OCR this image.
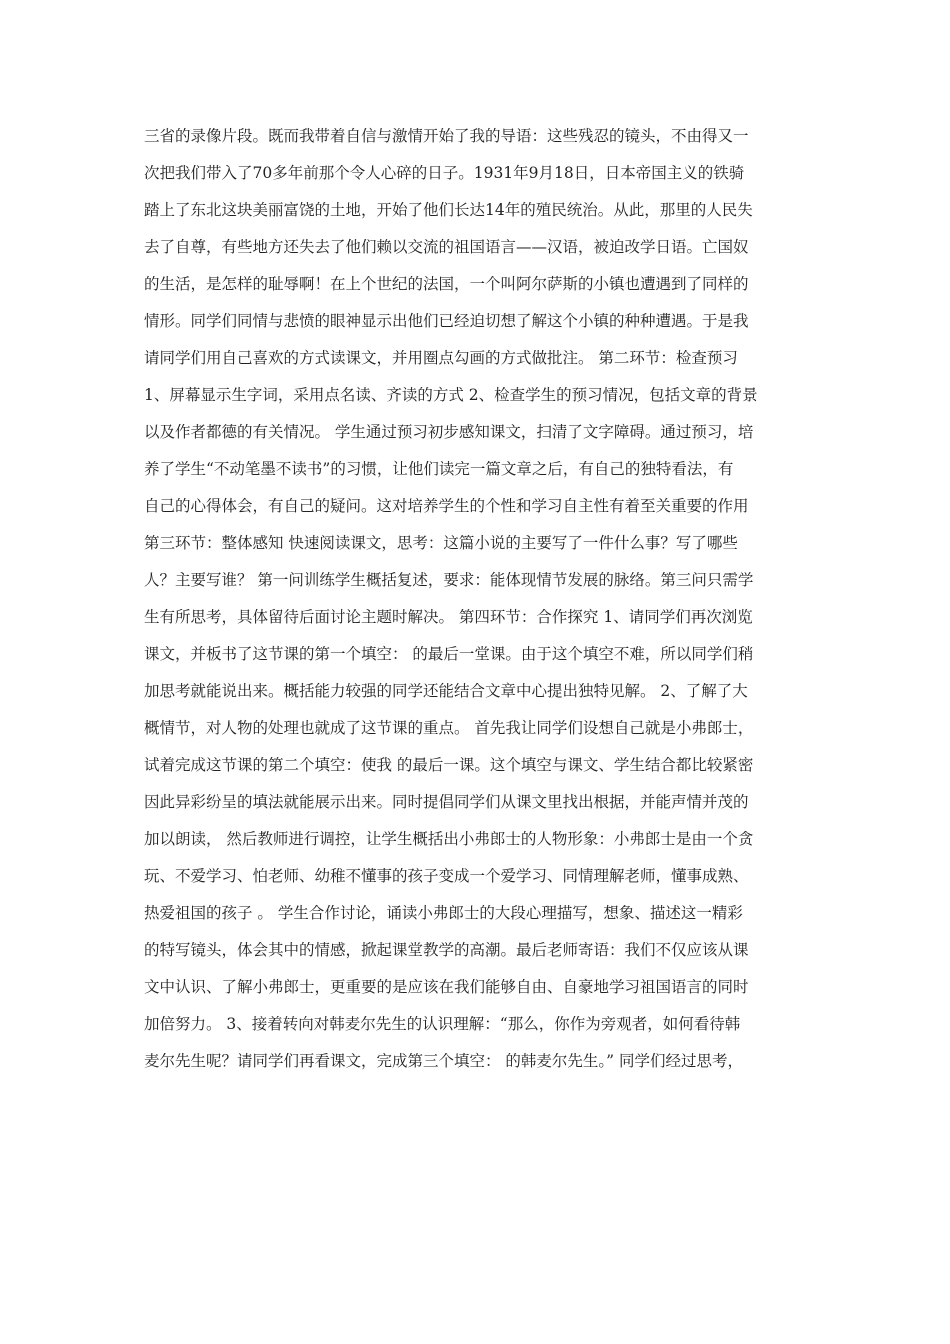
三省的录像片段。既而我带着自信与激情开始了我的导语：这些残忍的镜头，不由得又一
次把我们带入了70多年前那个令人心碎的日子。1931年9月18日，日本帝国主义的铁骑
踏上了东北这块美丽富饶的土地，开始了他们长达14年的殖民统治。从此，那里的人民失
去了自尊，有些地方还失去了他们赖以交流的祖国语言——汉语，被迫改学日语。亡国奴
的生活，是怎样的耻辱啊！在上个世纪的法国，一个叫阿尔萨斯的小镇也遭遇到了同样的
情形。同学们同情与悲愤的眼神显示出他们已经迫切想了解这个小镇的种种遭遇。于是我
请同学们用自己喜欢的方式读课文，并用圈点勾画的方式做批注。 第二环节：检查预习
1、屏幕显示生字词，采用点名读、齐读的方式 2、检查学生的预习情况，包括文章的背景
以及作者都德的有关情况。 学生通过预习初步感知课文，扫清了文字障碍。通过预习，培
养了学生“不动笔墨不读书”的习惯，让他们读完一篇文章之后，有自己的独特看法，有
自己的心得体会，有自己的疑问。这对培养学生的个性和学习自主性有着至关重要的作用
第三环节：整体感知 快速阅读课文，思考：这篇小说的主要写了一件什么事？写了哪些
人？主要写谁？ 第一问训练学生概括复述，要求：能体现情节发展的脉络。第三问只需学
生有所思考，具体留待后面讨论主题时解决。 第四环节：合作探究 1、请同学们再次浏览
课文，并板书了这节课的第一个填空： 的最后一堂课。由于这个填空不难，所以同学们稍
加思考就能说出来。概括能力较强的同学还能结合文章中心提出独特见解。 2、了解了大
概情节，对人物的处理也就成了这节课的重点。 首先我让同学们设想自己就是小弗郎士，
试着完成这节课的第二个填空：使我 的最后一课。这个填空与课文、学生结合都比较紧密
因此异彩纷呈的填法就能展示出来。同时提倡同学们从课文里找出根据，并能声情并茂的
加以朗读， 然后教师进行调控，让学生概括出小弗郎士的人物形象：小弗郎士是由一个贪
玩、不爱学习、怕老师、幼稚不懂事的孩子变成一个爱学习、同情理解老师，懂事成熟、
热爱祖国的孩子 。 学生合作讨论，诵读小弗郎士的大段心理描写，想象、描述这一精彩
的特写镜头，体会其中的情感，掀起课堂教学的高潮。最后老师寄语：我们不仅应该从课
文中认识、了解小弗郎士，更重要的是应该在我们能够自由、自豪地学习祖国语言的同时
加倍努力。 3、接着转向对韩麦尔先生的认识理解：“那么，你作为旁观者，如何看待韩
麦尔先生呢？请同学们再看课文，完成第三个填空： 的韩麦尔先生。” 同学们经过思考，
